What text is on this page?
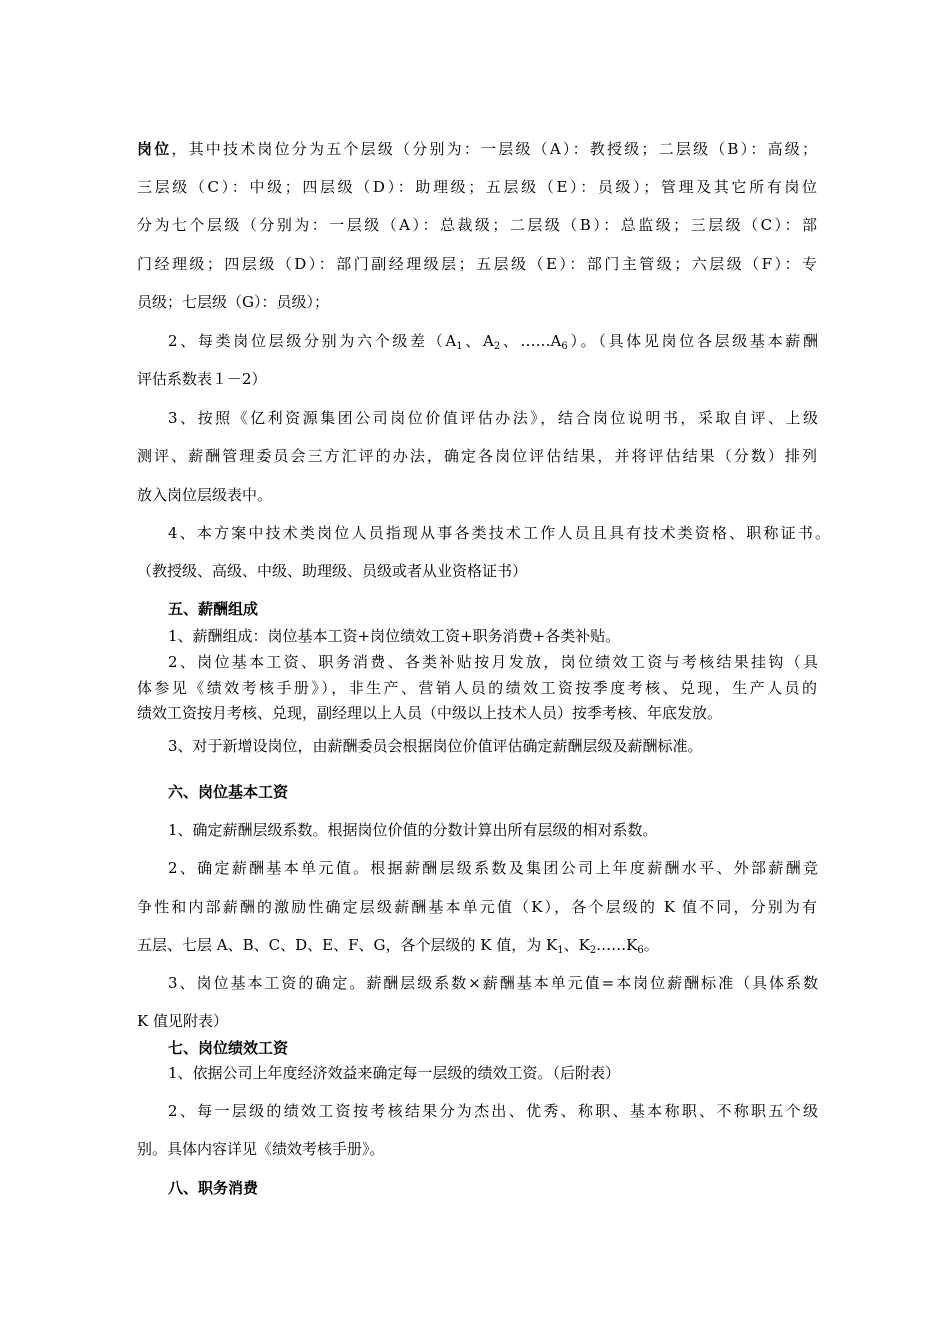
岗位，其中技术岗位分为五个层级（分别为：一层级（A）：教授级；二层级（B）：高级；
三层级（C）：中级；四层级（D）：助理级；五层级（E）：员级）；管理及其它所有岗位
分为七个层级（分别为：一层级（A）：总裁级；二层级（B）：总监级；三层级（C）：部
门经理级；四层级（D）：部门副经理级层；五层级（E）：部门主管级；六层级（F）：专
员级；七层级（G）：员级）；
2、每类岗位层级分别为六个级差（$A_1$、$A_2$、$\dots\dots A_6$）。（具体见岗位各层级基本薪酬
评估系数表１－2）
3、按照《亿利资源集团公司岗位价值评估办法》，结合岗位说明书，采取自评、上级
测评、薪酬管理委员会三方汇评的办法，确定各岗位评估结果，并将评估结果（分数）排列
放入岗位层级表中。
4、本方案中技术类岗位人员指现从事各类技术工作人员且具有技术类资格、职称证书。
（教授级、高级、中级、助理级、员级或者从业资格证书）
五、薪酬组成
1、薪酬组成：岗位基本工资+岗位绩效工资+职务消费+各类补贴。
2、岗位基本工资、职务消费、各类补贴按月发放，岗位绩效工资与考核结果挂钩（具
体参见《绩效考核手册》），非生产、营销人员的绩效工资按季度考核、兑现，生产人员的
绩效工资按月考核、兑现，副经理以上人员（中级以上技术人员）按季考核、年底发放。
3、对于新增设岗位，由薪酬委员会根据岗位价值评估确定薪酬层级及薪酬标准。
六、岗位基本工资
1、确定薪酬层级系数。根据岗位价值的分数计算出所有层级的相对系数。
2、确定薪酬基本单元值。根据薪酬层级系数及集团公司上年度薪酬水平、外部薪酬竞
争性和内部薪酬的激励性确定层级薪酬基本单元值（K），各个层级的 K 值不同，分别为有
五层、七层 A、B、C、D、E、F、G，各个层级的 K 值，为 $K_1$、$K_2\dots\dots K_6$。
3、岗位基本工资的确定。薪酬层级系数×薪酬基本单元值=本岗位薪酬标准（具体系数
K 值见附表）
七、岗位绩效工资
1、依据公司上年度经济效益来确定每一层级的绩效工资。（后附表）
2、每一层级的绩效工资按考核结果分为杰出、优秀、称职、基本称职、不称职五个级
别。具体内容详见《绩效考核手册》。
八、职务消费
